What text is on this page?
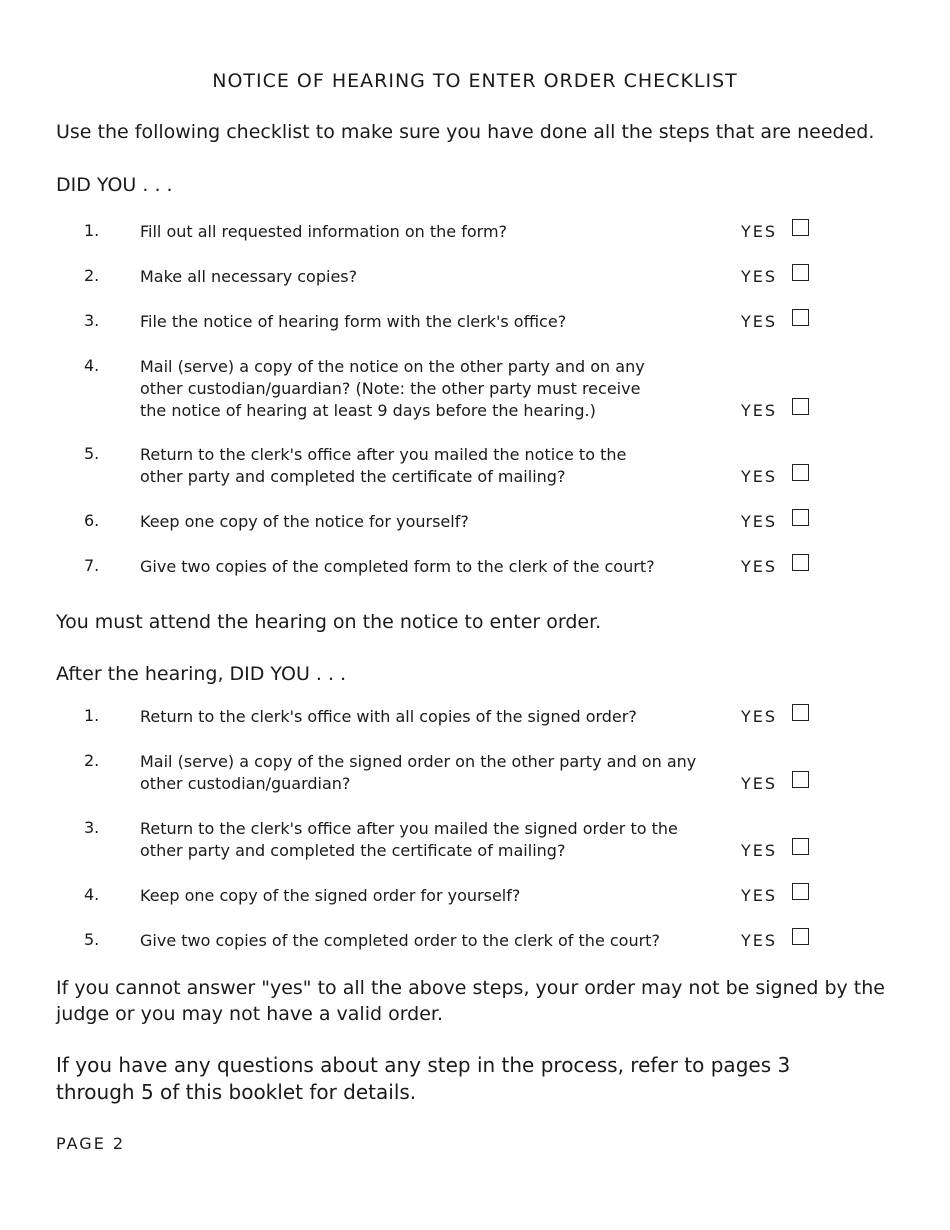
NOTICE OF HEARING TO ENTER ORDER CHECKLIST
Use the following checklist to make sure you have done all the steps that are needed.
DID YOU . . .
1.	Fill out all requested information on the form?	YES
2.	Make all necessary copies?	YES
3.	File the notice of hearing form with the clerk's office?	YES
4.	Mail (serve) a copy of the notice on the other party and on any
other custodian/guardian? (Note: the other party must receive
the notice of hearing at least 9 days before the hearing.)	YES
5.	Return to the clerk's office after you mailed the notice to the
other party and completed the certificate of mailing?	YES
6.	Keep one copy of the notice for yourself?	YES
7.	Give two copies of the completed form to the clerk of the court?	YES
You must attend the hearing on the notice to enter order.
After the hearing, DID YOU . . .
1.	Return to the clerk's office with all copies of the signed order?	YES
2.	Mail (serve) a copy of the signed order on the other party and on any
other custodian/guardian?	YES
3.	Return to the clerk's office after you mailed the signed order to the
other party and completed the certificate of mailing?	YES
4.	Keep one copy of the signed order for yourself?	YES
5.	Give two copies of the completed order to the clerk of the court?	YES
If you cannot answer "yes" to all the above steps, your order may not be signed by the
judge or you may not have a valid order.
If you have any questions about any step in the process, refer to pages 3
through 5 of this booklet for details.
PAGE 2
